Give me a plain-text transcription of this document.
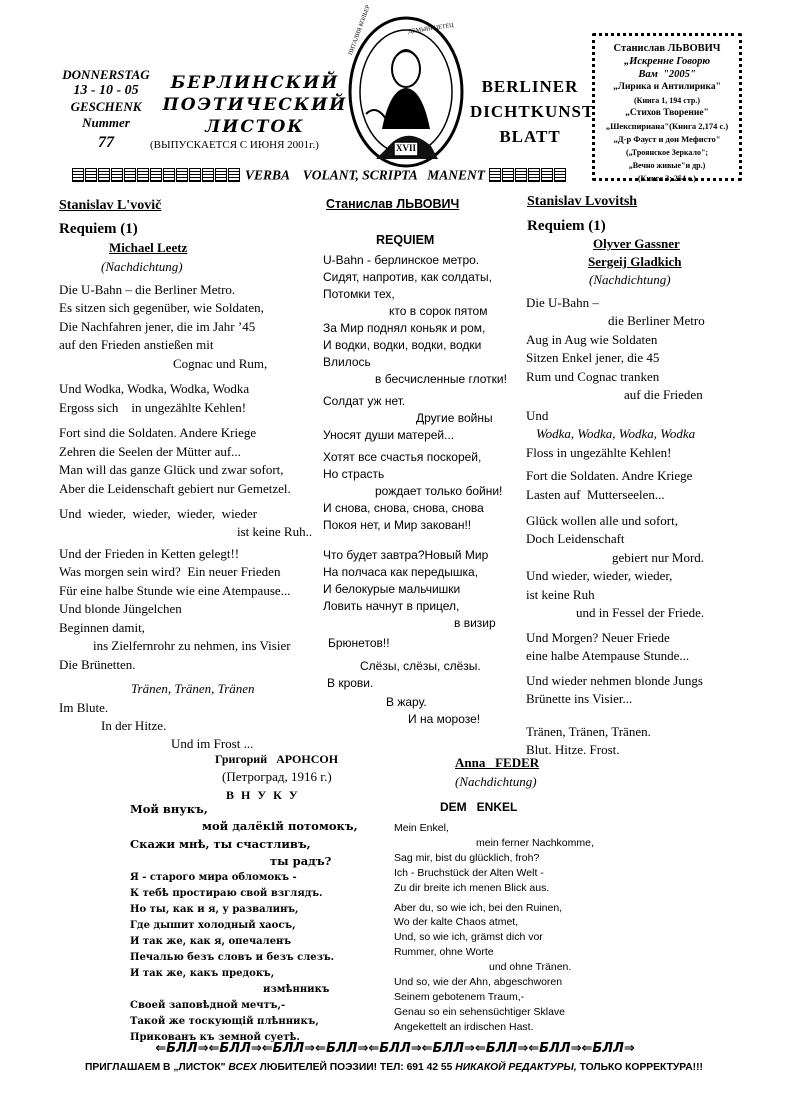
DONNERSTAG
13 - 10 - 05
GESCHENK
Nummer
77
БЕРЛИНСКИЙ
ПОЭТИЧЕСКИЙ
ЛИСТОК
(ВЫПУСКАЕТСЯ С ИЮНЯ 2001г.)	XVII
ДЕМЬЯН ЦЕТЕЦ
ПИТАЛИЯ КОЛЬЕР
BERLINER
DICHTKUNST
BLATT
Станислав ЛЬВОВИЧ
„Искренне Говорю
Вам  "2005"
„Лирика и Антилирика"
(Книга 1, 194 стр.)
„Стихов Творение"
„Шекспириана"(Книга 2,174 с.)
„Д-р Фауст и дон Мефисто"
(„Троянское Зеркало";
„Вечно живые"и др.)
(Книга 3; 254 с.)
VERBA    VOLANT, SCRIPTA   MANENT
Stanislav L'vovič
Requiem (1)
Michael Leetz
(Nachdichtung)
Die U-Bahn – die Berliner Metro.
Es sitzen sich gegenüber, wie Soldaten,
Die Nachfahren jener, die im Jahr ’45
auf den Frieden anstießen mit
Cognac und Rum,
Und Wodka, Wodka, Wodka, Wodka
Ergoss sich    in ungezählte Kehlen!
Fort sind die Soldaten. Andere Kriege
Zehren die Seelen der Mütter auf...
Man will das ganze Glück und zwar sofort,
Aber die Leidenschaft gebiert nur Gemetzel.
Und  wieder,  wieder,  wieder,  wieder
ist keine Ruh..
Und der Frieden in Ketten gelegt!!
Was morgen sein wird?  Ein neuer Frieden
Für eine halbe Stunde wie eine Atempause...
Und blonde Jüngelchen
Beginnen damit,
ins Zielfernrohr zu nehmen, ins Visier
Die Brünetten.
Tränen, Tränen, Tränen
Im Blute.
In der Hitze.
Und im Frost ...
Станислав ЛЬВОВИЧ
REQUIEM
U-Bahn - берлинское метро.
Сидят, напротив, как солдаты,
Потомки тех,
кто в сорок пятом
За Мир поднял коньяк и ром,
И водки, водки, водки, водки
Влилось
в бесчисленные глотки!
Солдат уж нет.
Другие войны
Уносят души матерей...
Хотят все счастья поскорей,
Но страсть
рождает только бойни!
И снова, снова, снова, снова
Покоя нет, и Мир закован!!
Что будет завтра?Новый Мир
На полчаса как передышка,
И белокурые мальчишки
Ловить начнут в прицел,
в визир
Брюнетов!!
Слёзы, слёзы, слёзы.
В крови.
В жару.
И на морозе!
Stanislav Lvovitsh
Requiem (1)
Olyver Gassner
Sergeij Gladkich
(Nachdichtung)
Die U-Bahn –
die Berliner Metro
Aug in Aug wie Soldaten
Sitzen Enkel jener, die 45
Rum und Cognac tranken
auf die Frieden
Und
Wodka, Wodka, Wodka, Wodka
Floss in ungezählte Kehlen!
Fort die Soldaten. Andre Kriege
Lasten auf  Mutterseelen...
Glück wollen alle und sofort,
Doch Leidenschaft
gebiert nur Mord.
Und wieder, wieder, wieder,
ist keine Ruh
und in Fessel der Friede.
Und Morgen? Neuer Friede
eine halbe Atempause Stunde...
Und wieder nehmen blonde Jungs
Brünette ins Visier...
Tränen, Tränen, Tränen.
Blut. Hitze. Frost.
Григорий   АРОНСОН
(Петроград, 1916 г.)
В Н У К У
Мой внукъ,
мой далёкій потомокъ,
Скажи мнѣ, ты счастливъ,
ты радъ?
Я - старого мира обломокъ -
К тебѣ простираю свой взглядъ.
Но ты, как и я, у развалинъ,
Где дышит холодный хаосъ,
И так же, как я, опечаленъ
Печалью безъ словъ и безъ слезъ.
И так же, какъ предокъ,
измѣнникъ
Своей заповѣдной мечтъ,-
Такой же тоскующiй плѣнникъ,
Прикованъ къ земной суетѣ.
Anna   FEDER
(Nachdichtung)
DEM   ENKEL
Mein Enkel,
mein ferner Nachkomme,
Sag mir, bist du glücklich, froh?
Ich - Bruchstück der Alten Welt -
Zu dir breite ich menen Blick aus.
Aber du, so wie ich, bei den Ruinen,
Wo der kalte Chaos atmet,
Und, so wie ich, grämst dich vor
Rummer, ohne Worte
und ohne Tränen.
Und so, wie der Ahn, abgeschworen
Seinem gebotenem Traum,-
Genau so ein sehensüchtiger Sklave
Angekettelt an irdischen Hast.
⇐БЛЛ⇒⇐БЛЛ⇒⇐БЛЛ⇒⇐БЛЛ⇒⇐БЛЛ⇒⇐БЛЛ⇒⇐БЛЛ⇒⇐БЛЛ⇒⇐БЛЛ⇒
ПРИГЛАШАЕМ В „ЛИСТОК" ВСЕХ ЛЮБИТЕЛЕЙ ПОЭЗИИ! ТЕЛ: 691 42 55 НИКАКОЙ РЕДАКТУРЫ, ТОЛЬКО КОРРЕКТУРА!!!
